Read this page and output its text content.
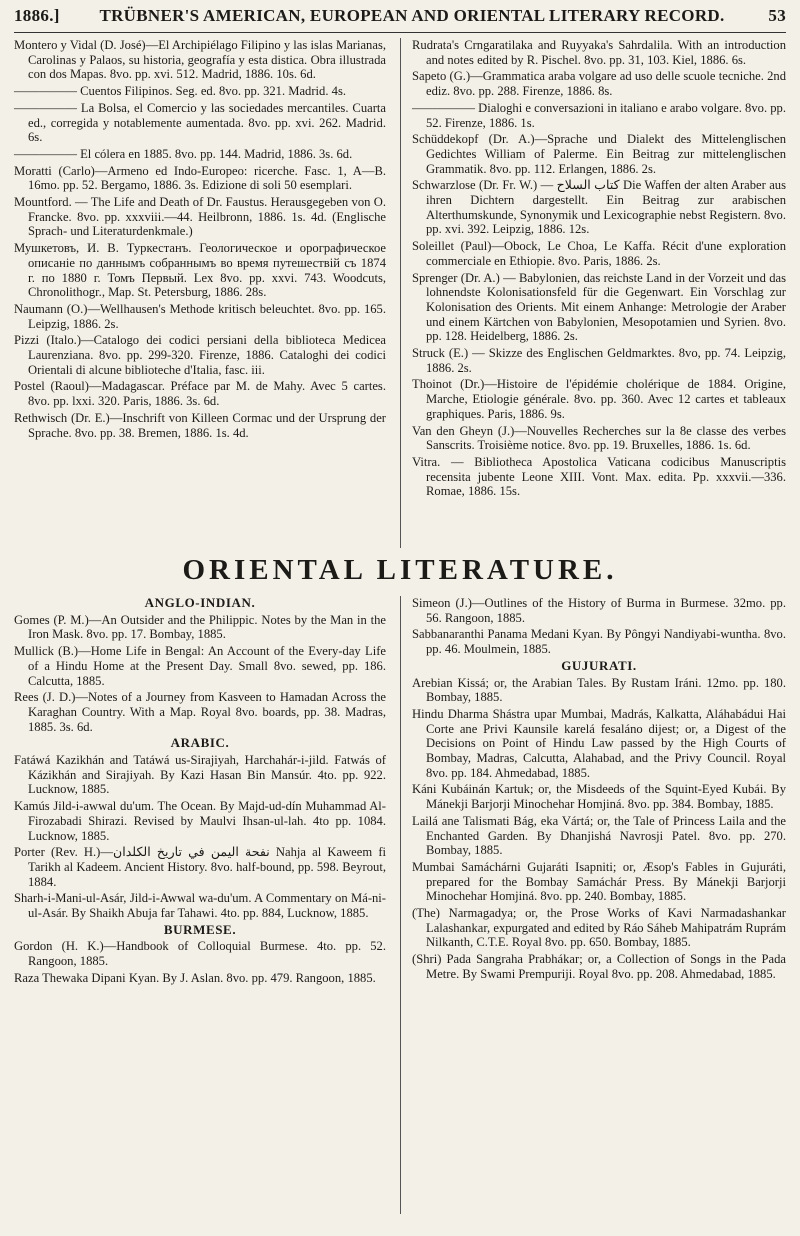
1886.]	TRÜBNER'S AMERICAN, EUROPEAN AND ORIENTAL LITERARY RECORD.	53

Montero y Vidal (D. José)—El Archipiélago Filipino y las islas Marianas, Carolinas y Palaos, su historia, geografía y esta distica. Obra illustrada con dos Mapas. 8vo. pp. xvi. 512. Madrid, 1886. 10s. 6d.

————— Cuentos Filipinos. Seg. ed. 8vo. pp. 321. Madrid. 4s.

————— La Bolsa, el Comercio y las sociedades mercantiles. Cuarta ed., corregida y notablemente aumentada. 8vo. pp. xvi. 262. Madrid. 6s.

————— El cólera en 1885. 8vo. pp. 144. Madrid, 1886. 3s. 6d.

Moratti (Carlo)—Armeno ed Indo-Europeo: ricerche. Fasc. 1, A—B. 16mo. pp. 52. Bergamo, 1886. 3s. Edizione di soli 50 esemplari.

Mountford. — The Life and Death of Dr. Faustus. Herausgegeben von O. Francke. 8vo. pp. xxxviii.—44. Heilbronn, 1886. 1s. 4d. (Englische Sprach- und Literaturdenkmale.)

Мушкетовъ, И. В. Туркестанъ. Геологическое и орографическое описаніе по даннымъ собраннымъ во время путешествій съ 1874 г. по 1880 г. Томъ Первый. Lex 8vo. pp. xxvi. 743. Woodcuts, Chronolithogr., Map. St. Petersburg, 1886. 28s.

Naumann (O.)—Wellhausen's Methode kritisch beleuchtet. 8vo. pp. 165. Leipzig, 1886. 2s.

Pizzi (Italo.)—Catalogo dei codici persiani della biblioteca Medicea Laurenziana. 8vo. pp. 299-320. Firenze, 1886. Cataloghi dei codici Orientali di alcune biblioteche d'Italia, fasc. iii.

Postel (Raoul)—Madagascar. Préface par M. de Mahy. Avec 5 cartes. 8vo. pp. lxxi. 320. Paris, 1886. 3s. 6d.

Rethwisch (Dr. E.)—Inschrift von Killeen Cormac und der Ursprung der Sprache. 8vo. pp. 38. Bremen, 1886. 1s. 4d.

Rudrata's Crngaratilaka and Ruyyaka's Sahrdalila. With an introduction and notes edited by R. Pischel. 8vo. pp. 31, 103. Kiel, 1886. 6s.

Sapeto (G.)—Grammatica araba volgare ad uso delle scuole tecniche. 2nd ediz. 8vo. pp. 288. Firenze, 1886. 8s.

————— Dialoghi e conversazioni in italiano e arabo volgare. 8vo. pp. 52. Firenze, 1886. 1s.

Schüddekopf (Dr. A.)—Sprache und Dialekt des Mittelenglischen Gedichtes William of Palerme. Ein Beitrag zur mittelenglischen Grammatik. 8vo. pp. 112. Erlangen, 1886. 2s.

Schwarzlose (Dr. Fr. W.) — كتاب السلاح Die Waffen der alten Araber aus ihren Dichtern dargestellt. Ein Beitrag zur arabischen Alterthumskunde, Synonymik und Lexicographie nebst Registern. 8vo. pp. xvi. 392. Leipzig, 1886. 12s.

Soleillet (Paul)—Obock, Le Choa, Le Kaffa. Récit d'une exploration commerciale en Ethiopie. 8vo. Paris, 1886. 2s.

Sprenger (Dr. A.) — Babylonien, das reichste Land in der Vorzeit und das lohnendste Kolonisationsfeld für die Gegenwart. Ein Vorschlag zur Kolonisation des Orients. Mit einem Anhange: Metrologie der Araber und einem Kärtchen von Babylonien, Mesopotamien und Syrien. 8vo. pp. 128. Heidelberg, 1886. 2s.

Struck (E.) — Skizze des Englischen Geldmarktes. 8vo, pp. 74. Leipzig, 1886. 2s.

Thoinot (Dr.)—Histoire de l'épidémie cholérique de 1884. Origine, Marche, Etiologie générale. 8vo. pp. 360. Avec 12 cartes et tableaux graphiques. Paris, 1886. 9s.

Van den Gheyn (J.)—Nouvelles Recherches sur la 8e classe des verbes Sanscrits. Troisième notice. 8vo. pp. 19. Bruxelles, 1886. 1s. 6d.

Vitra. — Bibliotheca Apostolica Vaticana codicibus Manuscriptis recensita jubente Leone XIII. Vont. Max. edita. Pp. xxxvii.—336. Romae, 1886. 15s.

ORIENTAL LITERATURE.

ANGLO-INDIAN.

Gomes (P. M.)—An Outsider and the Philippic. Notes by the Man in the Iron Mask. 8vo. pp. 17. Bombay, 1885.

Mullick (B.)—Home Life in Bengal: An Account of the Every-day Life of a Hindu Home at the Present Day. Small 8vo. sewed, pp. 186. Calcutta, 1885.

Rees (J. D.)—Notes of a Journey from Kasveen to Hamadan Across the Karaghan Country. With a Map. Royal 8vo. boards, pp. 38. Madras, 1885. 3s. 6d.

ARABIC.

Fatáwá Kazikhán and Tatáwá us-Sirajiyah, Harchahár-i-jild. Fatwás of Kázikhán and Sirajiyah. By Kazi Hasan Bin Mansúr. 4to. pp. 922. Lucknow, 1885.

Kamús Jild-i-awwal du'um. The Ocean. By Majd-ud-dín Muhammad Al- Firozabadi Shirazi. Revised by Maulvi Ihsan-ul-lah. 4to pp. 1084. Lucknow, 1885.

Porter (Rev. H.)—نفحة اليمن في تاريخ الكلدان Nahja al Kaweem fi Tarikh al Kadeem. Ancient History. 8vo. half-bound, pp. 598. Beyrout, 1884.

Sharh-i-Mani-ul-Asár, Jild-i-Awwal wa-du'um. A Commentary on Má-ni-ul-Asár. By Shaikh Abuja far Tahawi. 4to. pp. 884, Lucknow, 1885.

BURMESE.

Gordon (H. K.)—Handbook of Colloquial Burmese. 4to. pp. 52. Rangoon, 1885.

Raza Thewaka Dipani Kyan. By J. Aslan. 8vo. pp. 479. Rangoon, 1885.

Simeon (J.)—Outlines of the History of Burma in Burmese. 32mo. pp. 56. Rangoon, 1885.

Sabbanaranthi Panama Medani Kyan. By Pôngyi Nandiyabi-wuntha. 8vo. pp. 46. Moulmein, 1885.

GUJURATI.

Arebian Kissá; or, the Arabian Tales. By Rustam Iráni. 12mo. pp. 180. Bombay, 1885.

Hindu Dharma Shástra upar Mumbai, Madrás, Kalkatta, Aláhabádui Hai Corte ane Privi Kaunsile karelá fesaláno dijest; or, a Digest of the Decisions on Point of Hindu Law passed by the High Courts of Bombay, Madras, Calcutta, Alahabad, and the Privy Council. Royal 8vo. pp. 184. Ahmedabad, 1885.

Káni Kubáinán Kartuk; or, the Misdeeds of the Squint-Eyed Kubái. By Mánekji Barjorji Minochehar Homjiná. 8vo. pp. 384. Bombay, 1885.

Lailá ane Talismati Bág, eka Vártá; or, the Tale of Princess Laila and the Enchanted Garden. By Dhanjishá Navrosji Patel. 8vo. pp. 270. Bombay, 1885.

Mumbai Samáchárni Gujaráti Isapniti; or, Æsop's Fables in Gujuráti, prepared for the Bombay Samáchár Press. By Mánekji Barjorji Minochehar Homjiná. 8vo. pp. 240. Bombay, 1885.

(The) Narmagadya; or, the Prose Works of Kavi Narmadashankar Lalashankar, expurgated and edited by Ráo Sáheb Mahipatrám Ruprám Nilkanth, C.T.E. Royal 8vo. pp. 650. Bombay, 1885.

(Shri) Pada Sangraha Prabhákar; or, a Collection of Songs in the Pada Metre. By Swami Prempuriji. Royal 8vo. pp. 208. Ahmedabad, 1885.
